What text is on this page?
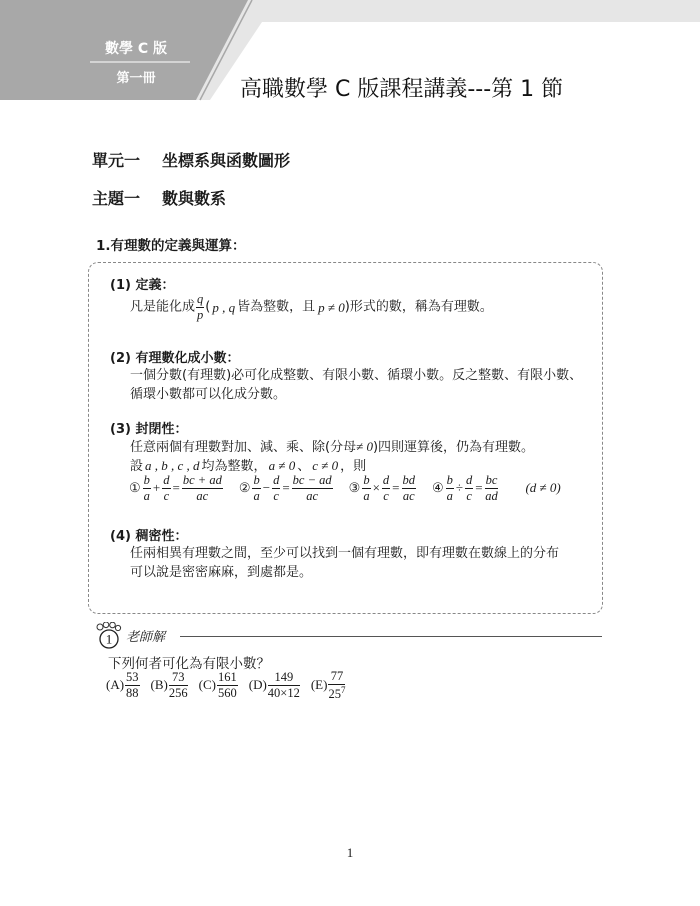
數學 C 版
第一冊	高職數學 C 版課程講義---第 1 節
單元一 坐標系與函數圖形
主題一 數與數系
1.有理數的定義與運算：
(1) 定義：
凡是能化成 $\frac{q}{p}$ ( p , q 皆為整數，且 p ≠ 0)形式的數，稱為有理數。
(2) 有理數化成小數：
一個分數(有理數)必可化成整數、有限小數、循環小數。反之整數、有限小數、
循環小數都可以化成分數。
(3) 封閉性：
任意兩個有理數對加、減、乘、除(分母≠ 0)四則運算後，仍為有理數。
設 a , b , c , d 均為整數， a ≠ 0 、 c ≠ 0 ，則
① $\frac{b}{a} + \frac{d}{c} = \frac{bc + ad}{ac}$ ② $\frac{b}{a} - \frac{d}{c} = \frac{bc - ad}{ac}$ ③ $\frac{b}{a} \times \frac{d}{c} = \frac{bd}{ac}$ ④ $\frac{b}{a} \div \frac{d}{c} = \frac{bc}{ad} (d \ne 0)$
(4) 稠密性：
任兩相異有理數之間，至少可以找到一個有理數，即有理數在數線上的分布
可以說是密密麻麻，到處都是。
1 老師解
下列何者可化為有限小數？
$(A) \frac{53}{88} (B) \frac{73}{256} (C) \frac{161}{560} (D) \frac{149}{40\times 12} (E) \frac{77}{25^7}$
1
